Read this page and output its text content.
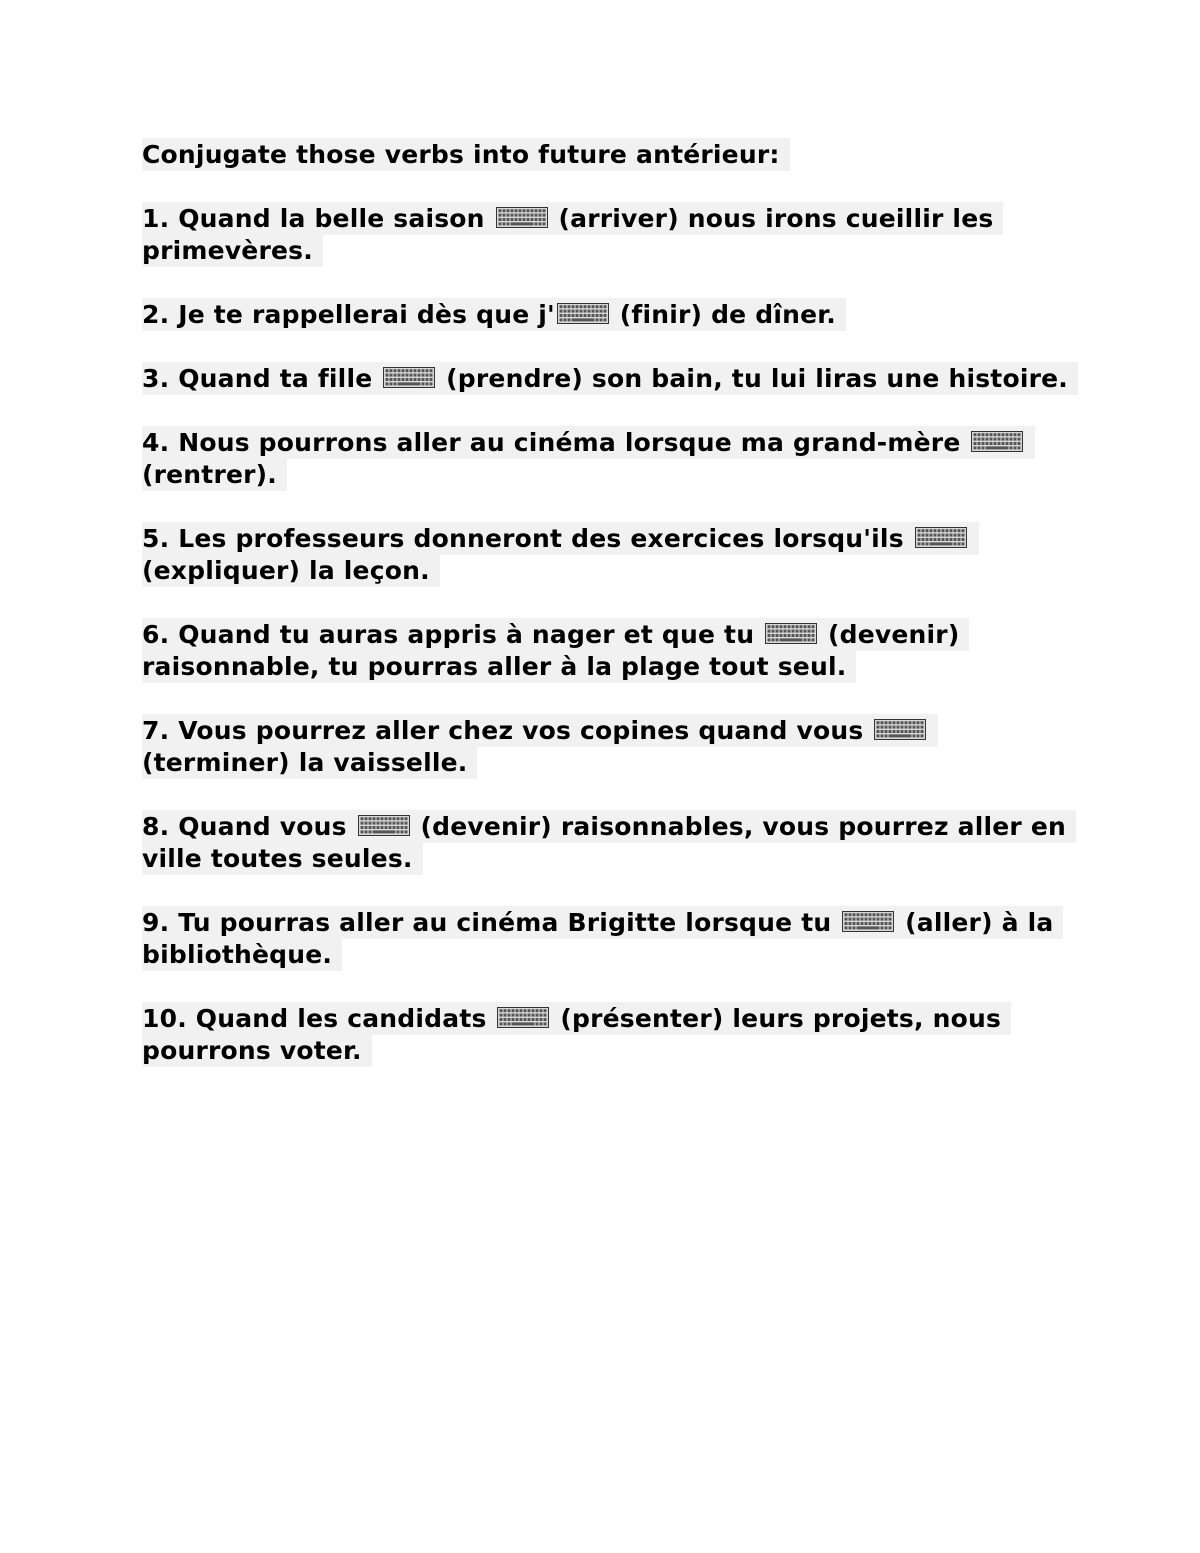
Conjugate those verbs into future antérieur:
1. Quand la belle saison
(arriver) nous irons cueillir les primevères.
2. Je te rappellerai dès que j'
(finir) de dîner.
3. Quand ta fille
(prendre) son bain, tu lui liras une histoire.
4. Nous pourrons aller au cinéma lorsque ma grand-mère
(rentrer).
5. Les professeurs donneront des exercices lorsqu'ils
(expliquer) la leçon.
6. Quand tu auras appris à nager et que tu
(devenir) raisonnable, tu pourras aller à la plage tout seul.
7. Vous pourrez aller chez vos copines quand vous
(terminer) la vaisselle.
8. Quand vous
(devenir) raisonnables, vous pourrez aller en ville toutes seules.
9. Tu pourras aller au cinéma Brigitte lorsque tu
(aller) à la bibliothèque.
10. Quand les candidats
(présenter) leurs projets, nous pourrons voter.
